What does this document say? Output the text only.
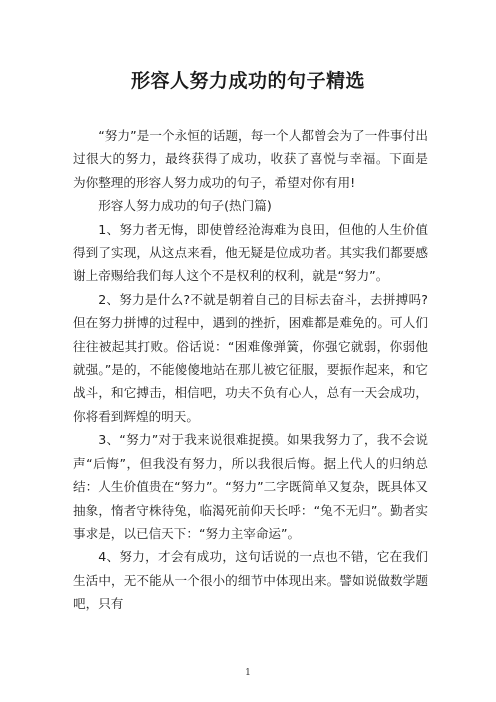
形容人努力成功的句子精选

“努力”是一个永恒的话题，每一个人都曾会为了一件事付出过很大的努力，最终获得了成功，收获了喜悦与幸福。下面是 为你整理的形容人努力成功的句子，希望对你有用!

形容人努力成功的句子(热门篇)

1、努力者无悔，即使曾经沧海难为良田，但他的人生价值得到了实现，从这点来看，他无疑是位成功者。其实我们都要感谢上帝赐给我们每人这个不是权利的权利，就是“努力”。

2、努力是什么?不就是朝着自己的目标去奋斗，去拼搏吗?但在努力拼博的过程中，遇到的挫折，困难都是难免的。可人们往往被起其打败。俗话说：“困难像弹簧，你强它就弱，你弱他就强。”是的，不能傻傻地站在那儿被它征服，要振作起来，和它战斗，和它搏击，相信吧，功夫不负有心人，总有一天会成功，你将看到辉煌的明天。

3、“努力”对于我来说很难捉摸。如果我努力了，我不会说声“后悔”，但我没有努力，所以我很后悔。据上代人的归纳总结：人生价值贵在“努力”。“努力”二字既简单又复杂，既具体又抽象，惰者守株待兔，临渴死前仰天长呼：“兔不无归”。勤者实事求是，以已信天下：“努力主宰命运”。

4、努力，才会有成功，这句话说的一点也不错，它在我们生活中，无不能从一个很小的细节中体现出来。譬如说做数学题吧，只有

1
